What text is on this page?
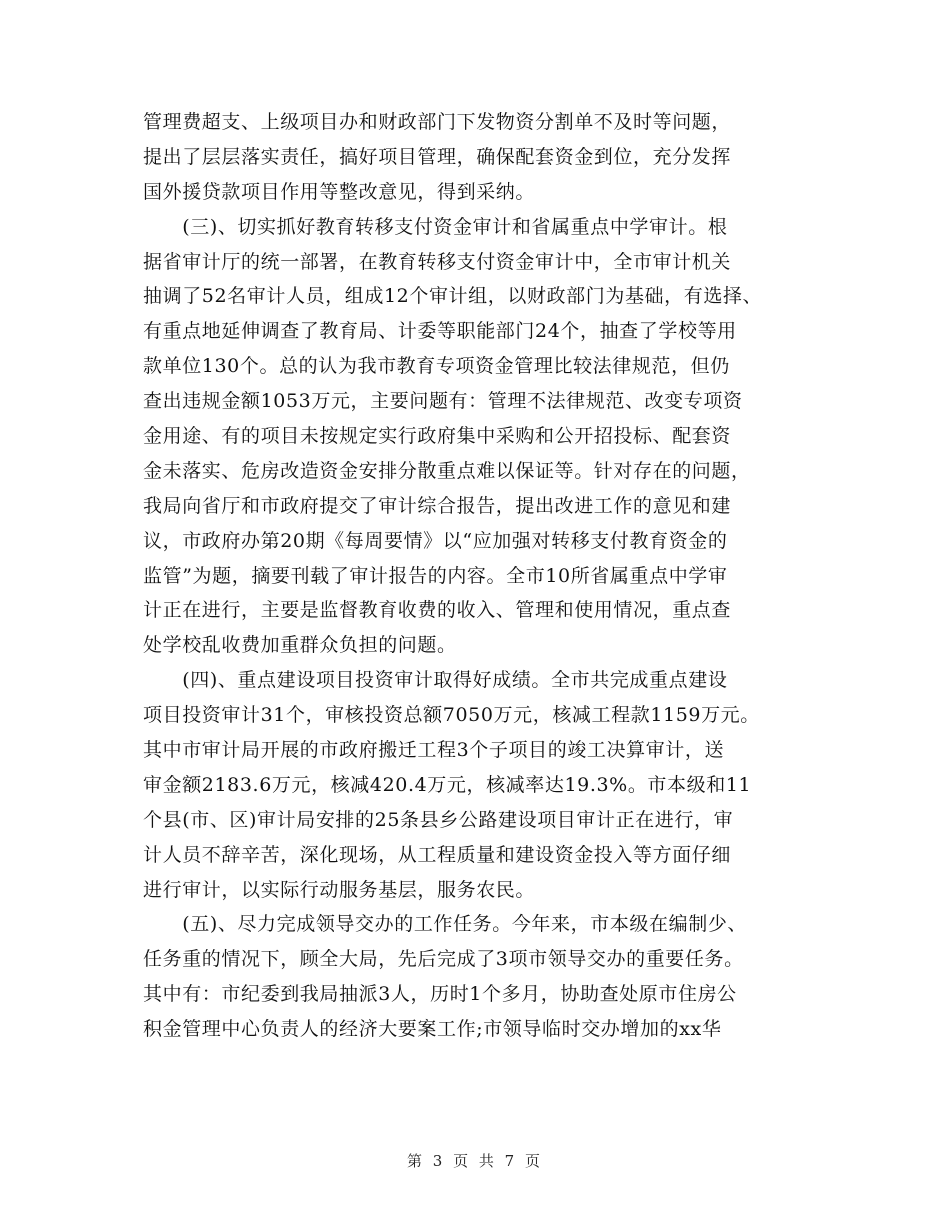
管理费超支、上级项目办和财政部门下发物资分割单不及时等问题，
提出了层层落实责任，搞好项目管理，确保配套资金到位，充分发挥
国外援贷款项目作用等整改意见，得到采纳。
　　(三)、切实抓好教育转移支付资金审计和省属重点中学审计。根
据省审计厅的统一部署，在教育转移支付资金审计中，全市审计机关
抽调了52名审计人员，组成12个审计组，以财政部门为基础，有选择、
有重点地延伸调查了教育局、计委等职能部门24个，抽查了学校等用
款单位130个。总的认为我市教育专项资金管理比较法律规范，但仍
查出违规金额1053万元，主要问题有：管理不法律规范、改变专项资
金用途、有的项目未按规定实行政府集中采购和公开招投标、配套资
金未落实、危房改造资金安排分散重点难以保证等。针对存在的问题，
我局向省厅和市政府提交了审计综合报告，提出改进工作的意见和建
议，市政府办第20期《每周要情》以“应加强对转移支付教育资金的
监管”为题，摘要刊载了审计报告的内容。全市10所省属重点中学审
计正在进行，主要是监督教育收费的收入、管理和使用情况，重点查
处学校乱收费加重群众负担的问题。
　　(四)、重点建设项目投资审计取得好成绩。全市共完成重点建设
项目投资审计31个，审核投资总额7050万元，核减工程款1159万元。
其中市审计局开展的市政府搬迁工程3个子项目的竣工决算审计，送
审金额2183.6万元，核减420.4万元，核减率达19.3%。市本级和11
个县(市、区)审计局安排的25条县乡公路建设项目审计正在进行，审
计人员不辞辛苦，深化现场，从工程质量和建设资金投入等方面仔细
进行审计，以实际行动服务基层，服务农民。
　　(五)、尽力完成领导交办的工作任务。今年来，市本级在编制少、
任务重的情况下，顾全大局，先后完成了3项市领导交办的重要任务。
其中有：市纪委到我局抽派3人，历时1个多月，协助查处原市住房公
积金管理中心负责人的经济大要案工作;市领导临时交办增加的xx华
第 3 页 共 7 页
